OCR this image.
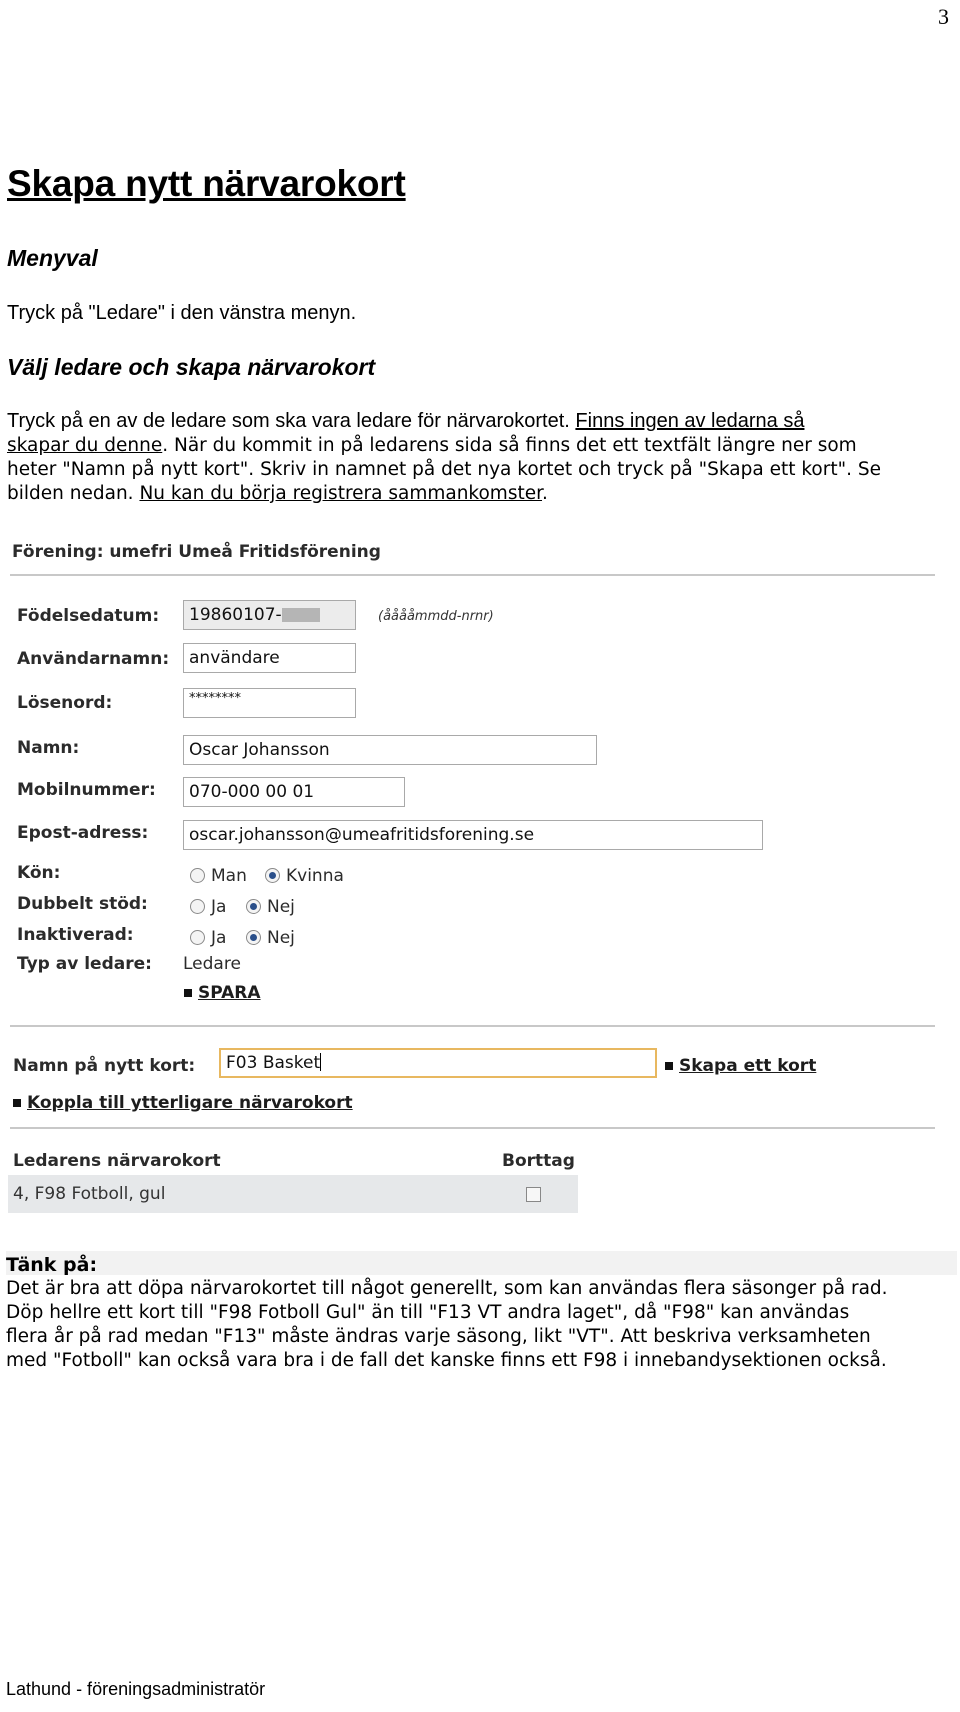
3
Skapa nytt närvarokort
Menyval
Tryck på "Ledare" i den vänstra menyn.
Välj ledare och skapa närvarokort
Tryck på en av de ledare som ska vara ledare för närvarokortet. Finns ingen av ledarna så
skapar du denne. När du kommit in på ledarens sida så finns det ett textfält längre ner som
heter "Namn på nytt kort". Skriv in namnet på det nya kortet och tryck på "Skapa ett kort". Se
bilden nedan. Nu kan du börja registrera sammankomster.
Förening: umefri Umeå Fritidsförening
Födelsedatum:	19860107-	(ååååmmdd-nrnr)
Användarnamn:	användare
Lösenord:	********
Namn:	Oscar Johansson
Mobilnummer:	070-000 00 01
Epost-adress:	oscar.johansson@umeafritidsforening.se
Kön:	Man	Kvinna
Dubbelt stöd:	Ja	Nej
Inaktiverad:	Ja	Nej
Typ av ledare: Ledare
SPARA
Namn på nytt kort:	F03 Basket	Skapa ett kort
Koppla till ytterligare närvarokort
Ledarens närvarokort	Borttag
4, F98 Fotboll, gul
Tänk på:
Det är bra att döpa närvarokortet till något generellt, som kan användas flera säsonger på rad.
Döp hellre ett kort till "F98 Fotboll Gul" än till "F13 VT andra laget", då "F98" kan användas
flera år på rad medan "F13" måste ändras varje säsong, likt "VT". Att beskriva verksamheten
med "Fotboll" kan också vara bra i de fall det kanske finns ett F98 i innebandysektionen också.
Lathund - föreningsadministratör
